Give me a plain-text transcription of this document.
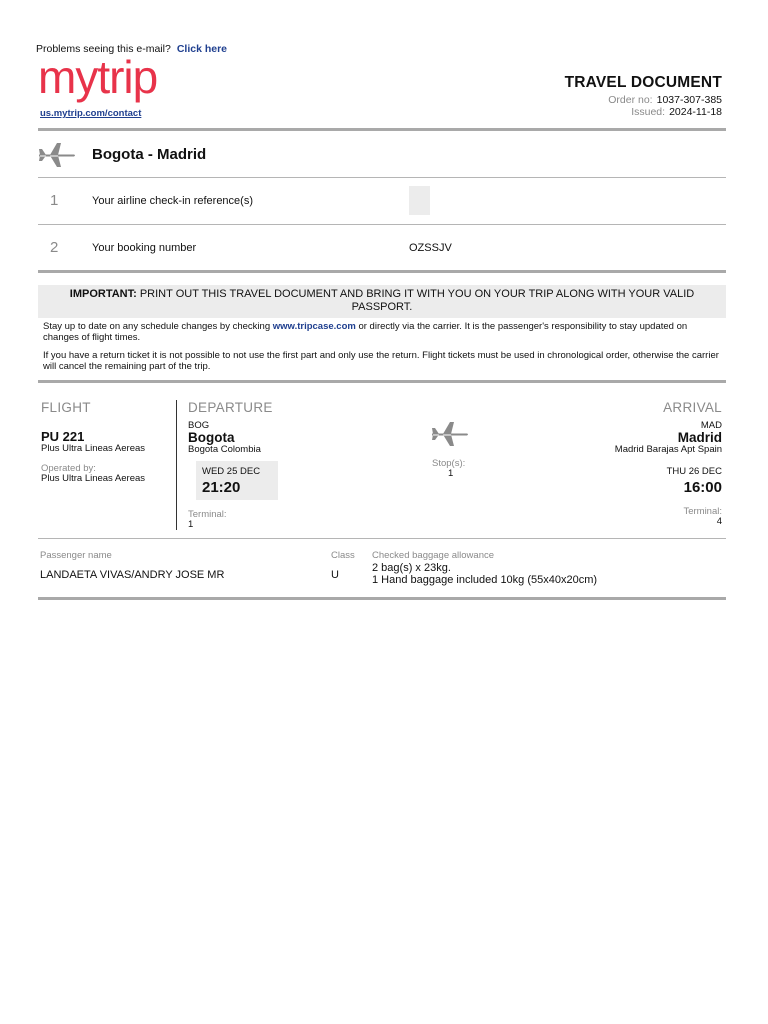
Problems seeing this e-mail? Click here
mytrip
us.mytrip.com/contact
TRAVEL DOCUMENT
Order no: 1037-307-385
Issued: 2024-11-18
Bogota - Madrid
1	Your airline check-in reference(s)
2	Your booking number	OZSSJV
IMPORTANT: PRINT OUT THIS TRAVEL DOCUMENT AND BRING IT WITH YOU ON YOUR TRIP ALONG WITH YOUR VALID PASSPORT.
Stay up to date on any schedule changes by checking www.tripcase.com or directly via the carrier. It is the passenger's responsibility to stay updated on changes of flight times.
If you have a return ticket it is not possible to not use the first part and only use the return. Flight tickets must be used in chronological order, otherwise the carrier will cancel the remaining part of the trip.
FLIGHT
PU 221
Plus Ultra Lineas Aereas
Operated by:
Plus Ultra Lineas Aereas
DEPARTURE
BOG
Bogota
Bogota Colombia
WED 25 DEC
21:20
Terminal:
1
Stop(s):
1
ARRIVAL
MAD
Madrid
Madrid Barajas Apt Spain
THU 26 DEC
16:00
Terminal:
4
Passenger name
LANDAETA VIVAS/ANDRY JOSE MR
Class
U
Checked baggage allowance
2 bag(s) x 23kg.
1 Hand baggage included 10kg (55x40x20cm)
